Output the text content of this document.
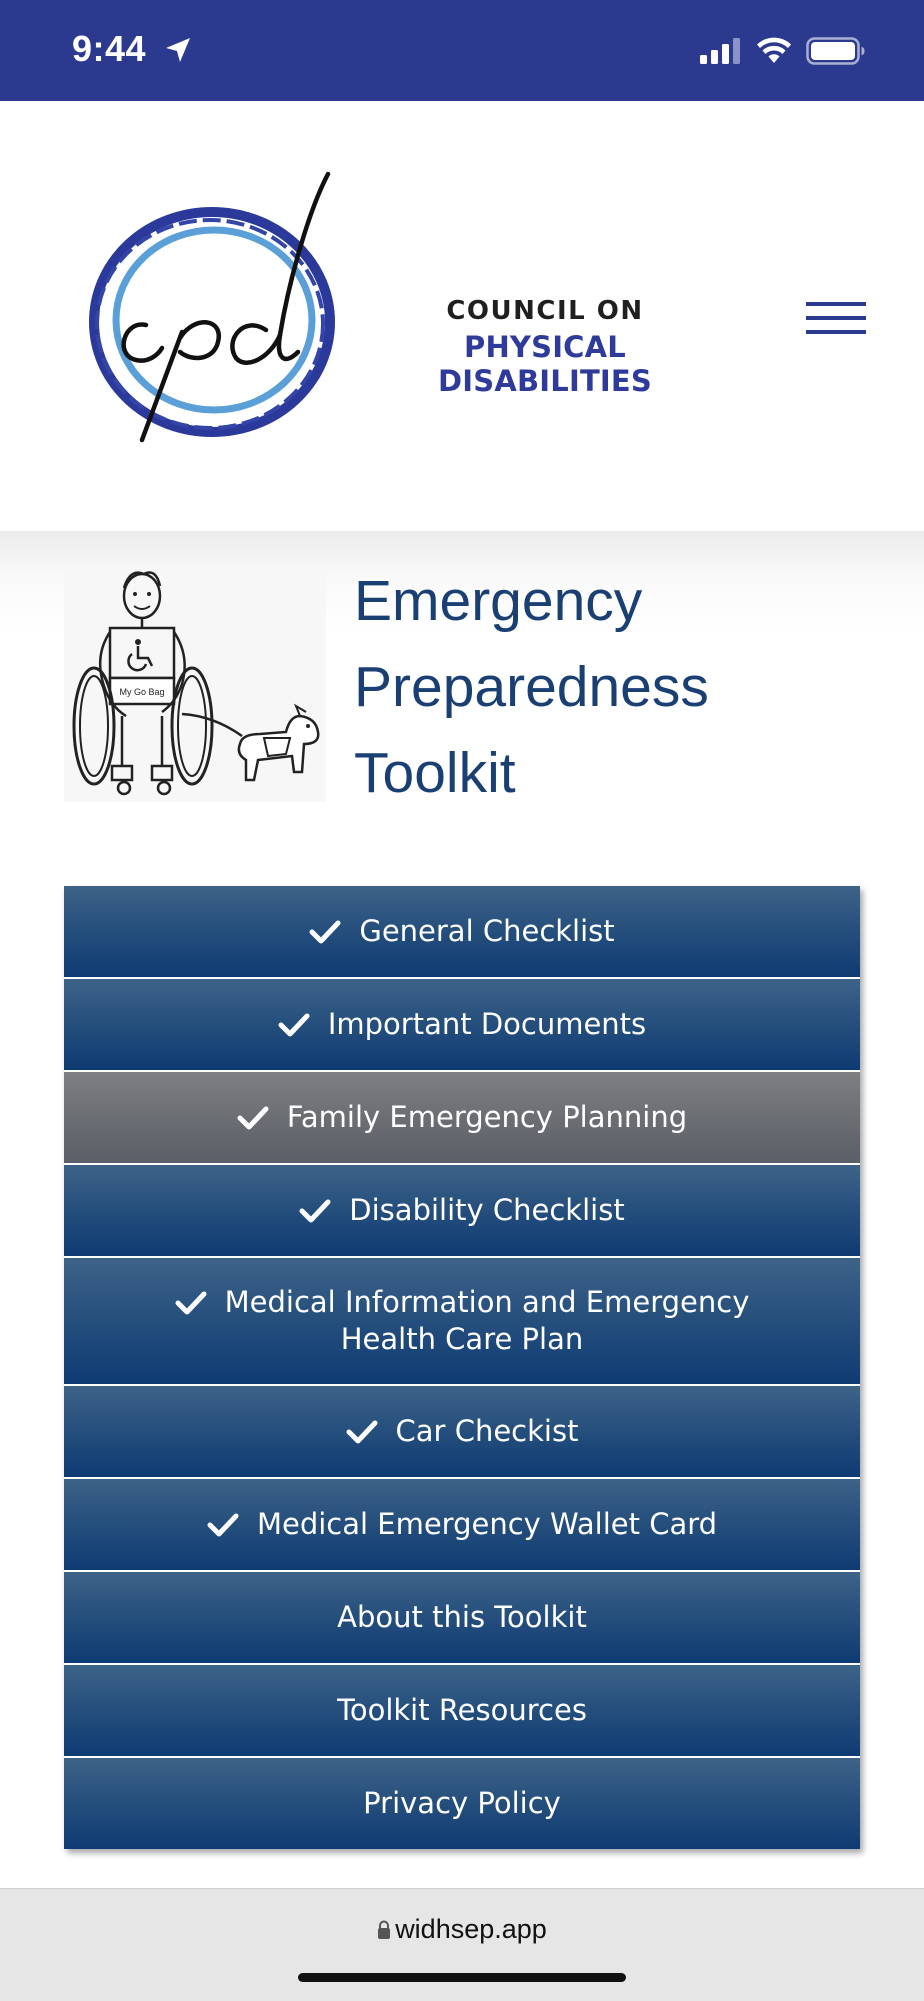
9:44
cpd
COUNCIL ON
PHYSICAL DISABILITIES
My Go Bag
Emergency
Preparedness
Toolkit
General Checklist
Important Documents
Family Emergency Planning
Disability Checklist
Medical Information and Emergency
Health Care Plan
Car Checkist
Medical Emergency Wallet Card
About this Toolkit
Toolkit Resources
Privacy Policy
widhsep.app
